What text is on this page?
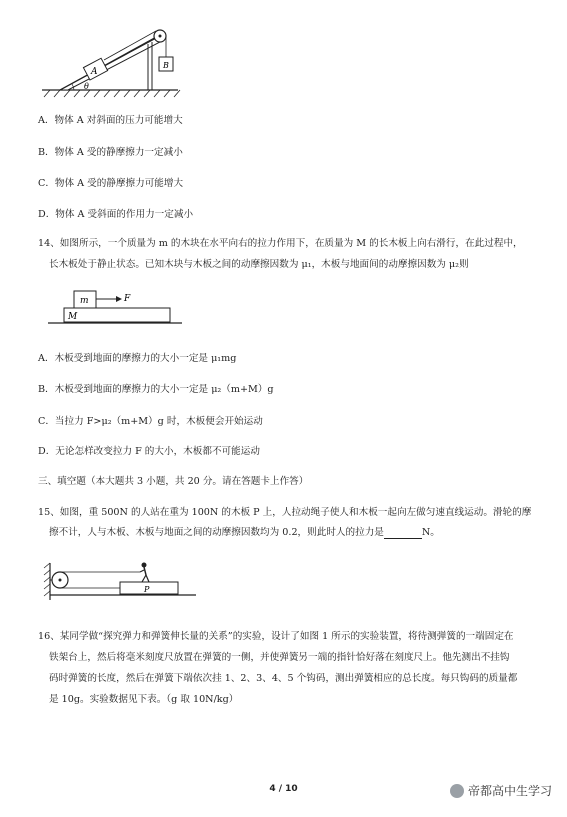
A
B
θ
A．物体 A 对斜面的压力可能增大
B．物体 A 受的静摩擦力一定减小
C．物体 A 受的静摩擦力可能增大
D．物体 A 受斜面的作用力一定减小
14、如图所示，一个质量为 m 的木块在水平向右的拉力作用下，在质量为 M 的长木板上向右滑行，在此过程中，
长木板处于静止状态。已知木块与木板之间的动摩擦因数为 μ₁，木板与地面间的动摩擦因数为 μ₂则
m	F
M
A．木板受到地面的摩擦力的大小一定是 μ₁mg
B．木板受到地面的摩擦力的大小一定是 μ₂（m+M）g
C．当拉力 F>μ₂（m+M）g 时，木板便会开始运动
D．无论怎样改变拉力 F 的大小，木板都不可能运动
三、填空题（本大题共 3 小题，共 20 分。请在答题卡上作答）
15、如图，重 500N 的人站在重为 100N 的木板 P 上，人拉动绳子使人和木板一起向左做匀速直线运动。滑轮的摩
擦不计，人与木板、木板与地面之间的动摩擦因数均为 0.2，则此时人的拉力是	N。
P
16、某同学做“探究弹力和弹簧伸长量的关系”的实验，设计了如图 1 所示的实验装置，将待测弹簧的一端固定在
铁架台上，然后将毫米刻度尺放置在弹簧的一侧，并使弹簧另一端的指针恰好落在刻度尺上。他先测出不挂钩
码时弹簧的长度，然后在弹簧下端依次挂 1、2、3、4、5 个钩码，测出弹簧相应的总长度。每只钩码的质量都
是 10g。实验数据见下表。（g 取 10N/kg）
4 / 10	帝都高中生学习
